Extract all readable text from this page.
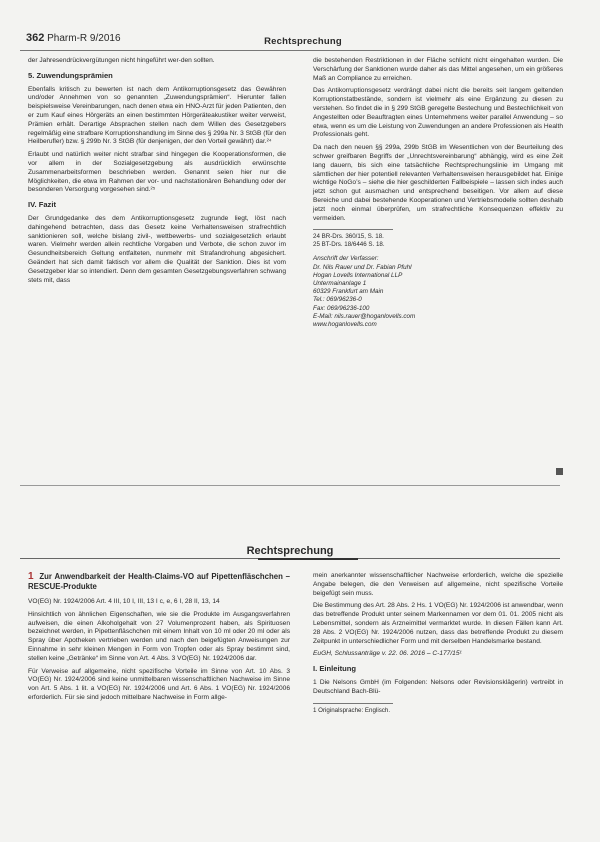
362 Pharm-R 9/2016	Rechtsprechung

der Jahresendrückvergütungen nicht hingeführt wer-den sollten.

5. Zuwendungsprämien

Ebenfalls kritisch zu bewerten ist nach dem Antikorruptionsgesetz das Gewähren und/oder Annehmen von so genannten „Zuwendungsprämien“. Hierunter fallen beispielsweise Vereinbarungen, nach denen etwa ein HNO-Arzt für jeden Patienten, den er zum Kauf eines Hörgeräts an einen bestimmten Hörgeräteakustiker weiter verweist, Prämien erhält. Derartige Absprachen stellen nach dem Willen des Gesetzgebers regelmäßig eine strafbare Korruptionshandlung im Sinne des § 299a Nr. 3 StGB (für den Heilberufler) bzw. § 299b Nr. 3 StGB (für denjenigen, der den Vorteil gewährt) dar.²⁴

Erlaubt und natürlich weiter nicht strafbar sind hingegen die Kooperationsformen, die vor allem in der Sozialgesetzgebung als ausdrücklich erwünschte Zusammenarbeitsformen beschrieben werden. Genannt seien hier nur die Möglichkeiten, die etwa im Rahmen der vor- und nachstationären Behandlung oder der besonderen Versorgung vorgesehen sind.²⁵

IV. Fazit

Der Grundgedanke des dem Antikorruptionsgesetz zugrunde liegt, löst nach dahingehend betrachten, dass das Gesetz keine Verhaltensweisen strafrechtlich sanktionieren soll, welche bislang zivil-, wettbewerbs- und sozialgesetzlich erlaubt waren. Vielmehr werden allein rechtliche Vorgaben und Verbote, die schon zuvor im Gesundheitsbereich Geltung entfalteten, nunmehr mit Strafandrohung abgesichert. Geändert hat sich damit faktisch vor allem die Qualität der Sanktion. Dies ist vom Gesetzgeber klar so intendiert. Denn dem gesamten Gesetzgebungsverfahren schwang stets mit, dass

die bestehenden Restriktionen in der Fläche schlicht nicht eingehalten wurden. Die Verschärfung der Sanktionen wurde daher als das Mittel angesehen, um ein größeres Maß an Compliance zu erreichen.

Das Antikorruptionsgesetz verdrängt dabei nicht die bereits seit langem geltenden Korruptionstatbestände, sondern ist vielmehr als eine Ergänzung zu diesen zu verstehen. So findet die in § 299 StGB geregelte Bestechung und Bestechlichkeit von Angestellten oder Beauftragten eines Unternehmens weiter parallel Anwendung – so etwa, wenn es um die Leistung von Zuwendungen an andere Professionen als Health Professionals geht.

Da nach den neuen §§ 299a, 299b StGB im Wesentlichen von der Beurteilung des schwer greifbaren Begriffs der „Unrechtsvereinbarung“ abhängig, wird es eine Zeit lang dauern, bis sich eine tatsächliche Rechtsprechungslinie im Umgang mit sämtlichen der hier potentiell relevanten Verhaltensweisen herausgebildet hat. Einige wichtige NoGo’s – siehe die hier geschilderten Fallbeispiele – lassen sich indes auch jetzt schon gut ausmachen und entsprechend beseitigen. Vor allem auf diese Bereiche und dabei bestehende Kooperationen und Vertriebsmodelle sollten deshalb jetzt noch einmal überprüfen, um strafrechtliche Konsequenzen effektiv zu vermeiden.

24 BR-Drs. 360/15, S. 18.
25 BT-Drs. 18/6446 S. 18.
Anschrift der Verfasser:
Dr. Nils Rauer und Dr. Fabian Pfuhl
Hogan Lovells International LLP
Untermainanlage 1
60329 Frankfurt am Main
Tel.: 069/96236-0
Fax: 069/96236-100
E-Mail: nils.rauer@hoganlovells.com
www.hoganlovells.com
Rechtsprechung
1 Zur Anwendbarkeit der Health-Claims-VO auf Pipettenfläschchen – RESCUE-Produkte

VO(EG) Nr. 1924/2006 Art. 4 III, 10 I, III, 13 I c, e, 6 I, 28 II, 13, 14

Hinsichtlich von ähnlichen Eigenschaften, wie sie die Produkte im Ausgangsverfahren aufweisen, die einen Alkoholgehalt von 27 Volumenprozent haben, als Spirituosen bezeichnet werden, in Pipettenfläschchen mit einem Inhalt von 10 ml oder 20 ml oder als Spray über Apotheken vertrieben werden und nach den beigefügten Anweisungen zur Einnahme in sehr kleinen Mengen in Form von Tropfen oder als Spray bestimmt sind, stellen keine „Getränke“ im Sinne von Art. 4 Abs. 3 VO(EG) Nr. 1924/2006 dar.

Für Verweise auf allgemeine, nicht spezifische Vorteile im Sinne von Art. 10 Abs. 3 VO(EG) Nr. 1924/2006 sind keine unmittelbaren wissenschaftlichen Nachweise im Sinne von Art. 5 Abs. 1 lit. a VO(EG) Nr. 1924/2006 und Art. 6 Abs. 1 VO(EG) Nr. 1924/2006 erforderlich. Für sie sind jedoch mittelbare Nachweise in Form allge-

mein anerkannter wissenschaftlicher Nachweise erforderlich, welche die spezielle Angabe belegen, die den Verweisen auf allgemeine, nicht spezifische Vorteile beigefügt sein muss.

Die Bestimmung des Art. 28 Abs. 2 Hs. 1 VO(EG) Nr. 1924/2006 ist anwendbar, wenn das betreffende Produkt unter seinem Markennamen vor dem 01. 01. 2005 nicht als Lebensmittel, sondern als Arzneimittel vermarktet wurde. In diesen Fällen kann Art. 28 Abs. 2 VO(EG) Nr. 1924/2006 nutzen, dass das betreffende Produkt zu diesem Zeitpunkt in unterschiedlicher Form und mit derselben Handelsmarke bestand.

EuGH, Schlussanträge v. 22. 06. 2016 – C-177/15¹

I. Einleitung

1 Die Nelsons GmbH (im Folgenden: Nelsons oder Revisionsklägerin) vertreibt in Deutschland Bach-Blü-

1 Originalsprache: Englisch.
